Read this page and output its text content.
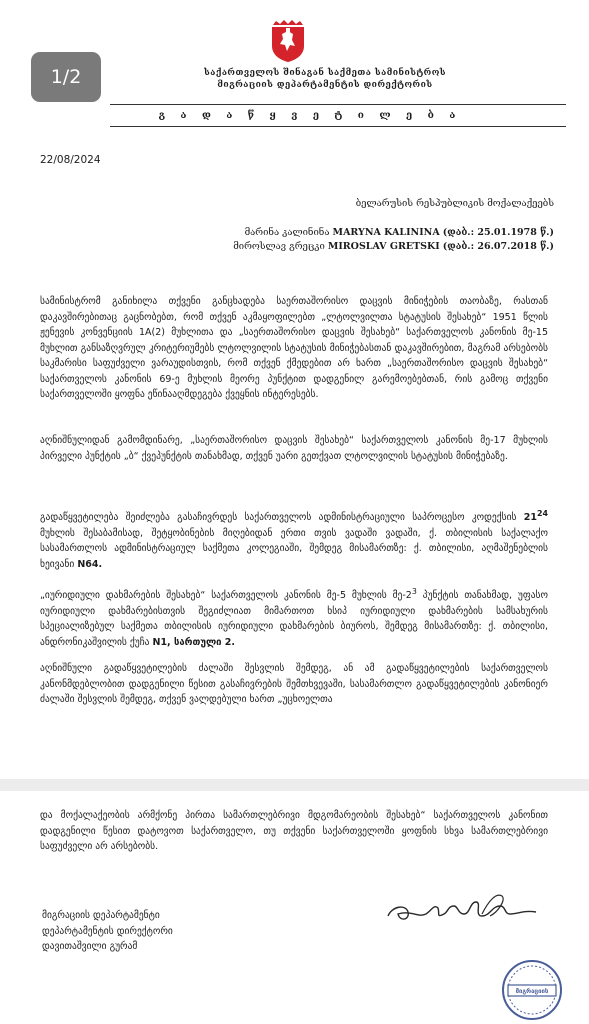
1/2	საქართველოს შინაგან საქმეთა სამინისტროს
მიგრაციის დეპარტამენტის დირექტორის
გ ა დ ა წ ყ ვ ე ტ ი ლ ე ბ ა
22/08/2024
ბელარუსის რესპუბლიკის მოქალაქეებს
მარინა კალინინა MARYNA KALININA (დაბ.: 25.01.1978 წ.)
მიროსლავ გრეცკი MIROSLAV GRETSKI (დაბ.: 26.07.2018 წ.)
სამინისტრომ განიხილა თქვენი განცხადება საერთაშორისო დაცვის მინიჭების თაობაზე, რასთან დაკავშირებითაც გაცნობებთ, რომ თქვენ აკმაყოფილებთ „ლტოლვილთა სტატუსის შესახებ“ 1951 წლის ჟენევის კონვენციის 1A(2) მუხლითა და „საერთაშორისო დაცვის შესახებ“ საქართველოს კანონის მე-15 მუხლით განსაზღვრულ კრიტერიუმებს ლტოლვილის სტატუსის მინიჭებასთან დაკავშირებით, მაგრამ არსებობს საკმარისი საფუძველი ვარაუდისთვის, რომ თქვენ ქმედებით არ ხართ „საერთაშორისო დაცვის შესახებ“ საქართველოს კანონის 69-ე მუხლის მეორე პუნქტით დადგენილ გარემოებებთან, რის გამოც თქვენი საქართველოში ყოფნა ეწინააღმდეგება ქვეყნის ინტერესებს.
აღნიშნულიდან გამომდინარე, „საერთაშორისო დაცვის შესახებ“ საქართველოს კანონის მე-17 მუხლის პირველი პუნქტის „ბ“ ქვეპუნქტის თანახმად, თქვენ უარი გეთქვათ ლტოლვილის სტატუსის მინიჭებაზე.
გადაწყვეტილება შეიძლება გასაჩივრდეს საქართველოს ადმინისტრაციული საპროცესო კოდექსის $21^{24}$ მუხლის შესაბამისად, შეტყობინების მიღებიდან ერთი თვის ვადაში ვადაში, ქ. თბილისის საქალაქო სასამართლოს ადმინისტრაციულ საქმეთა კოლეგიაში, შემდეგ მისამართზე: ქ. თბილისი, აღმაშენებლის ხეივანი N64.
„იურიდიული დახმარების შესახებ“ საქართველოს კანონის მე-5 მუხლის $მე-2^3$ პუნქტის თანახმად, უფასო იურიდიული დახმარებისთვის შეგიძლიათ მიმართოთ ხსიპ იურიდიული დახმარების სამსახურის სპეციალიზებულ საქმეთა თბილისის იურიდიული დახმარების ბიუროს, შემდეგ მისამართზე: ქ. თბილისი, ანდრონიკაშვილის ქუჩა N1, სართული 2.
აღნიშნული გადაწყვეტილების ძალაში შესვლის შემდეგ, ან ამ გადაწყვეტილების საქართველოს კანონმდებლობით დადგენილი წესით გასაჩივრების შემთხვევაში, სასამართლო გადაწყვეტილების კანონიერ ძალაში შესვლის შემდეგ, თქვენ ვალდებული ხართ „უცხოელთა
და მოქალაქეობის არმქონე პირთა სამართლებრივი მდგომარეობის შესახებ“ საქართველოს კანონით დადგენილი წესით დატოვოთ საქართველო, თუ თქვენი საქართველოში ყოფნის სხვა სამართლებრივი საფუძველი არ არსებობს.
მიგრაციის დეპარტამენტი
დეპარტამენტის დირექტორი
დავითაშვილი გურამ
მიგრაციის
